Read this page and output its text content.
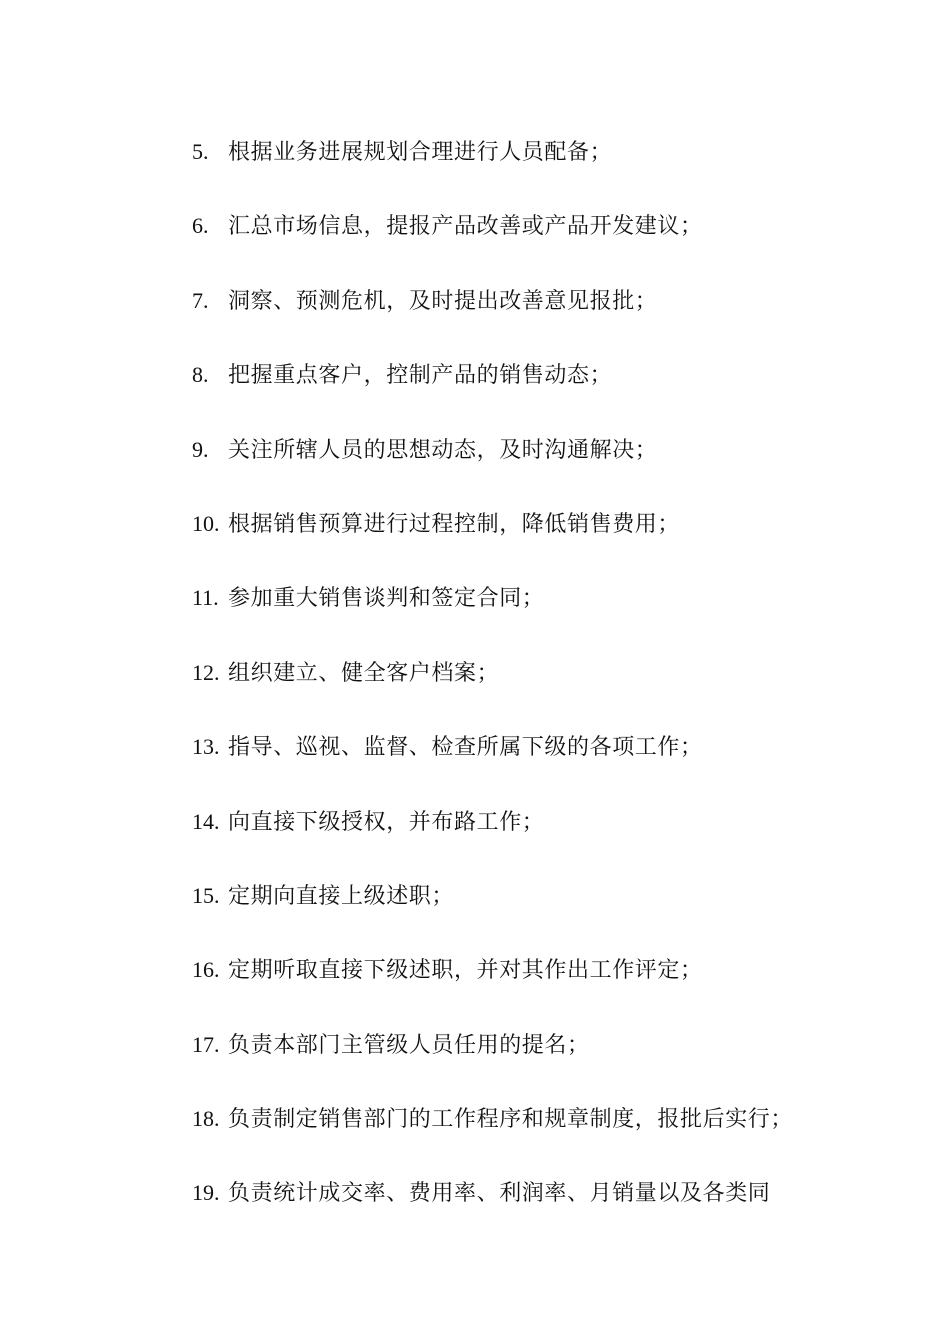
5. 根据业务进展规划合理进行人员配备；
6. 汇总市场信息，提报产品改善或产品开发建议；
7. 洞察、预测危机，及时提出改善意见报批；
8. 把握重点客户，控制产品的销售动态；
9. 关注所辖人员的思想动态，及时沟通解决；
10. 根据销售预算进行过程控制，降低销售费用；
11. 参加重大销售谈判和签定合同；
12. 组织建立、健全客户档案；
13. 指导、巡视、监督、检查所属下级的各项工作；
14. 向直接下级授权，并布路工作；
15. 定期向直接上级述职；
16. 定期听取直接下级述职，并对其作出工作评定；
17. 负责本部门主管级人员任用的提名；
18. 负责制定销售部门的工作程序和规章制度，报批后实行；
19. 负责统计成交率、费用率、利润率、月销量以及各类同
